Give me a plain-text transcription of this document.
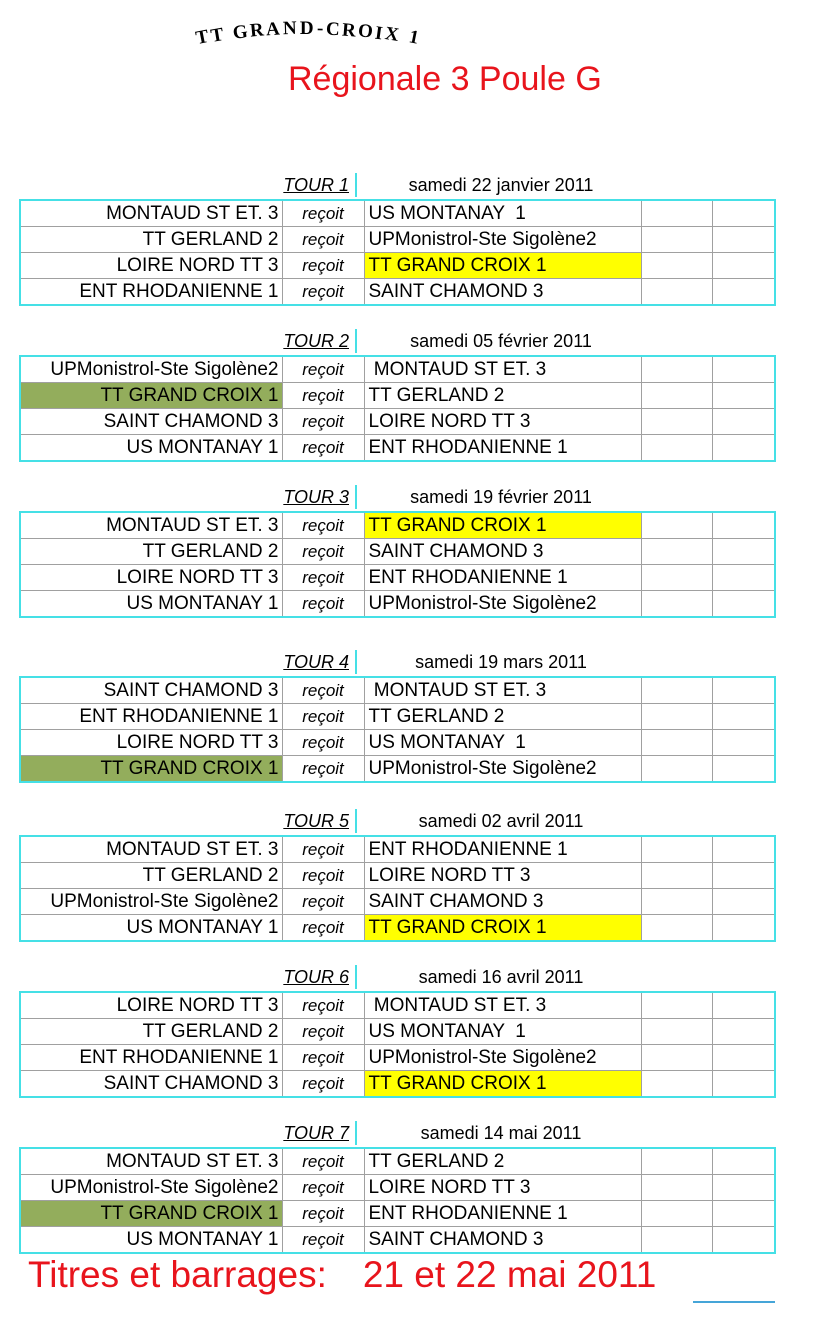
T
T G R A N D - C R O I X 1
Régionale 3 Poule G
TOUR 1	samedi 22 janvier 2011
MONTAUD ST ET. 3	reçoit	US MONTANAY  1		
TT GERLAND 2	reçoit	UPMonistrol-Ste Sigolène2		
LOIRE NORD TT 3	reçoit	TT GRAND CROIX 1		
ENT RHODANIENNE 1	reçoit	SAINT CHAMOND 3		
TOUR 2	samedi 05 février 2011
UPMonistrol-Ste Sigolène2	reçoit	MONTAUD ST ET. 3		
TT GRAND CROIX 1	reçoit	TT GERLAND 2		
SAINT CHAMOND 3	reçoit	LOIRE NORD TT 3		
US MONTANAY 1	reçoit	ENT RHODANIENNE 1		
TOUR 3	samedi 19 février 2011
MONTAUD ST ET. 3	reçoit	TT GRAND CROIX 1		
TT GERLAND 2	reçoit	SAINT CHAMOND 3		
LOIRE NORD TT 3	reçoit	ENT RHODANIENNE 1		
US MONTANAY 1	reçoit	UPMonistrol-Ste Sigolène2		
TOUR 4	samedi 19 mars 2011
SAINT CHAMOND 3	reçoit	MONTAUD ST ET. 3		
ENT RHODANIENNE 1	reçoit	TT GERLAND 2		
LOIRE NORD TT 3	reçoit	US MONTANAY  1		
TT GRAND CROIX 1	reçoit	UPMonistrol-Ste Sigolène2		
TOUR 5	samedi 02 avril 2011
MONTAUD ST ET. 3	reçoit	ENT RHODANIENNE 1		
TT GERLAND 2	reçoit	LOIRE NORD TT 3		
UPMonistrol-Ste Sigolène2	reçoit	SAINT CHAMOND 3		
US MONTANAY 1	reçoit	TT GRAND CROIX 1		
TOUR 6	samedi 16 avril 2011
LOIRE NORD TT 3	reçoit	MONTAUD ST ET. 3		
TT GERLAND 2	reçoit	US MONTANAY  1		
ENT RHODANIENNE 1	reçoit	UPMonistrol-Ste Sigolène2		
SAINT CHAMOND 3	reçoit	TT GRAND CROIX 1		
TOUR 7	samedi 14 mai 2011
MONTAUD ST ET. 3	reçoit	TT GERLAND 2		
UPMonistrol-Ste Sigolène2	reçoit	LOIRE NORD TT 3		
TT GRAND CROIX 1	reçoit	ENT RHODANIENNE 1		
US MONTANAY 1	reçoit	SAINT CHAMOND 3		
Titres et barrages: 21 et 22 mai 2011
